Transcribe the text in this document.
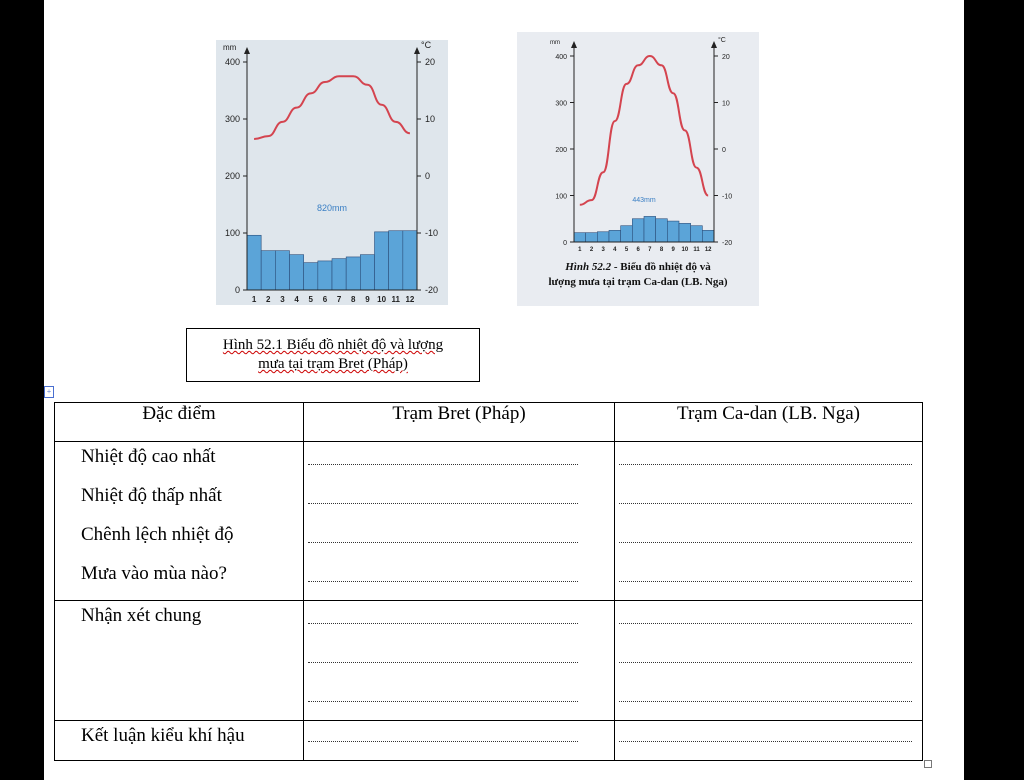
1 2 3 4 5 6 7 8 9 10 11 12
0
100
200
300
400
-20
-10
0
10
20
mm	°C
820mm
1 2 3 4 5 6 7 8 9 10 11 12
0
100
200
300
400
-20
-10
0
10
20
mm	°C
443mm
Hình 52.2 - Biểu đồ nhiệt độ và
lượng mưa tại trạm Ca-dan (LB. Nga)
Hình 52.1 Biểu đồ nhiệt độ và lượng
mưa tại trạm Bret (Pháp)
+
Đặc điểm	Trạm Bret (Pháp)	Trạm Ca-dan (LB. Nga)

Nhiệt độ cao nhất
Nhiệt độ thấp nhất
Chênh lệch nhiệt độ
Mưa vào mùa nào?		

Nhận xét chung		

Kết luận kiểu khí hậu		
